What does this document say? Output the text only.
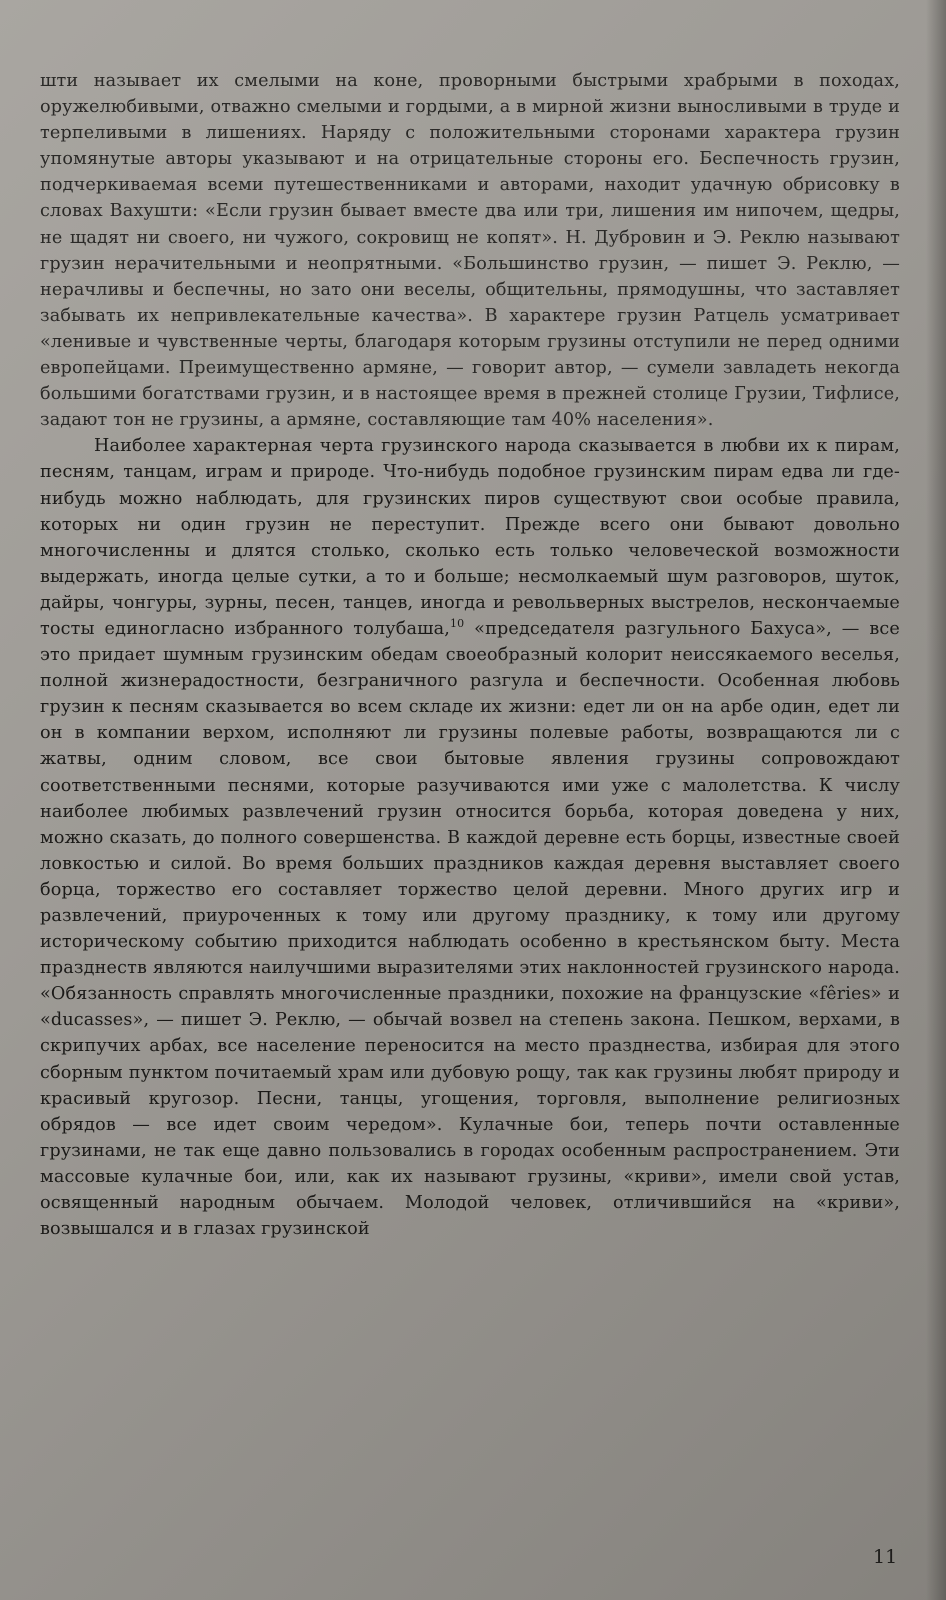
шти называет их смелыми на коне, проворными быстрыми храбрыми в походах, оружелюбивыми, отважно смелыми и гордыми, а в мирной жизни выносливыми в труде и терпеливыми в лишениях. Наряду с положительными сторонами характера грузин упомянутые авторы указывают и на отрицательные стороны его. Беспечность грузин, подчеркиваемая всеми путешественниками и авторами, находит удачную обрисовку в словах Вахушти: «Если грузин бывает вместе два или три, лишения им нипочем, щедры, не щадят ни своего, ни чужого, сокровищ не копят». Н. Дубровин и Э. Реклю называют грузин нерачительными и неопрятными. «Большинство грузин, — пишет Э. Реклю, — нерачливы и беспечны, но зато они веселы, общительны, прямодушны, что заставляет забывать их непривлекательные качества». В характере грузин Ратцель усматривает «ленивые и чувственные черты, благодаря которым грузины отступили не перед одними европейцами. Преимущественно армяне, — говорит автор, — сумели завладеть некогда большими богатствами грузин, и в настоящее время в прежней столице Грузии, Тифлисе, задают тон не грузины, а армяне, составляющие там 40% населения».

Наиболее характерная черта грузинского народа сказывается в любви их к пирам, песням, танцам, играм и природе. Что-нибудь подобное грузинским пирам едва ли где-нибудь можно наблюдать, для грузинских пиров существуют свои особые правила, которых ни один грузин не переступит. Прежде всего они бывают довольно многочисленны и длятся столько, сколько есть только человеческой возможности выдержать, иногда целые сутки, а то и больше; несмолкаемый шум разговоров, шуток, дайры, чонгуры, зурны, песен, танцев, иногда и револьверных выстрелов, нескончаемые тосты единогласно избранного толубаша,$^{10}$ «председателя разгульного Бахуса», — все это придает шумным грузинским обедам своеобразный колорит неиссякаемого веселья, полной жизнерадостности, безграничного разгула и беспечности. Особенная любовь грузин к песням сказывается во всем складе их жизни: едет ли он на арбе один, едет ли он в компании верхом, исполняют ли грузины полевые работы, возвращаются ли с жатвы, одним словом, все свои бытовые явления грузины сопровождают соответственными песнями, которые разучиваются ими уже с малолетства. К числу наиболее любимых развлечений грузин относится борьба, которая доведена у них, можно сказать, до полного совершенства. В каждой деревне есть борцы, известные своей ловкостью и силой. Во время больших праздников каждая деревня выставляет своего борца, торжество его составляет торжество целой деревни. Много других игр и развлечений, приуроченных к тому или другому празднику, к тому или другому историческому событию приходится наблюдать особенно в крестьянском быту. Места празднеств являются наилучшими выразителями этих наклонностей грузинского народа. «Обязанность справлять многочисленные праздники, похожие на французские «fêries» и «ducasses», — пишет Э. Реклю, — обычай возвел на степень закона. Пешком, верхами, в скрипучих арбах, все население переносится на место празднества, избирая для этого сборным пунктом почитаемый храм или дубовую рощу, так как грузины любят природу и красивый кругозор. Песни, танцы, угощения, торговля, выполнение религиозных обрядов — все идет своим чередом». Кулачные бои, теперь почти оставленные грузинами, не так еще давно пользовались в городах особенным распространением. Эти массовые кулачные бои, или, как их называют грузины, «криви», имели свой устав, освященный народным обычаем. Молодой человек, отличившийся на «криви», возвышался и в глазах грузинской

11
